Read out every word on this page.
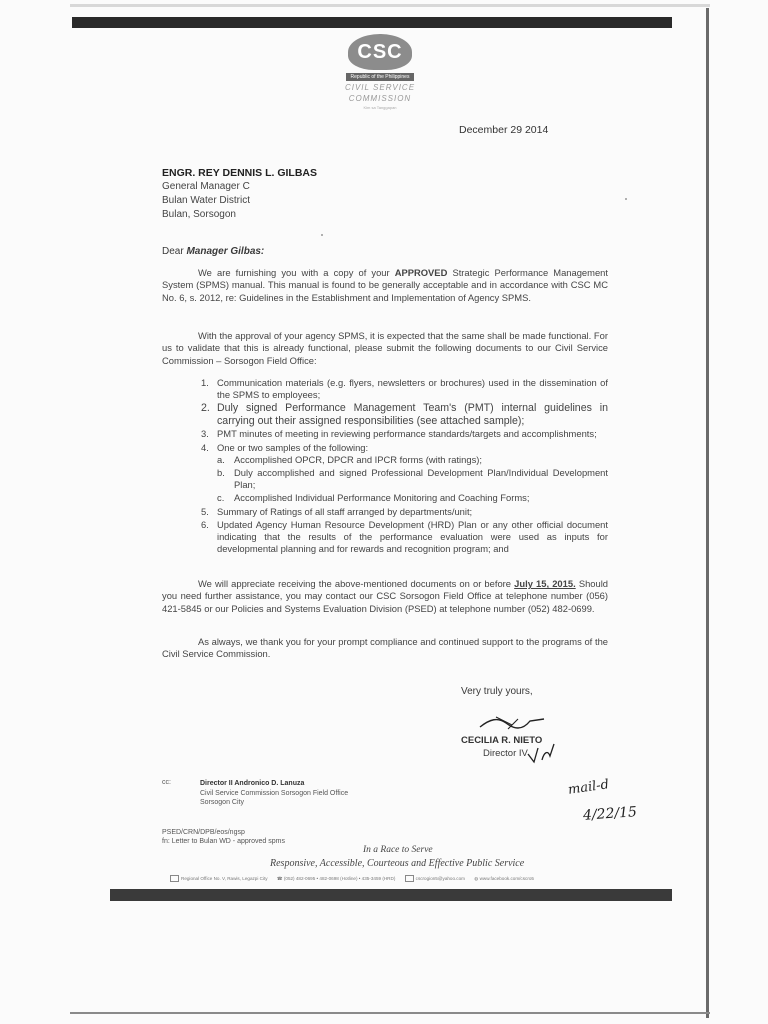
CSC
Republic of the Philippines
CIVIL SERVICE
COMMISSION
Kim sa Tanggapan
December 29 2014
ENGR. REY DENNIS L. GILBAS
General Manager C
Bulan Water District
Bulan, Sorsogon
Dear Manager Gilbas:

We are furnishing you with a copy of your APPROVED Strategic Performance Management System (SPMS) manual. This manual is found to be generally acceptable and in accordance with CSC MC No. 6, s. 2012, re: Guidelines in the Establishment and Implementation of Agency SPMS.

With the approval of your agency SPMS, it is expected that the same shall be made functional. For us to validate that this is already functional, please submit the following documents to our Civil Service Commission – Sorsogon Field Office:

1. Communication materials (e.g. flyers, newsletters or brochures) used in the dissemination of the SPMS to employees;
2. Duly signed Performance Management Team's (PMT) internal guidelines in carrying out their assigned responsibilities (see attached sample);
3. PMT minutes of meeting in reviewing performance standards/targets and accomplishments;
4. One or two samples of the following:
a. Accomplished OPCR, DPCR and IPCR forms (with ratings);
b. Duly accomplished and signed Professional Development Plan/Individual Development Plan;
c. Accomplished Individual Performance Monitoring and Coaching Forms;
5. Summary of Ratings of all staff arranged by departments/unit;
6. Updated Agency Human Resource Development (HRD) Plan or any other official document indicating that the results of the performance evaluation were used as inputs for developmental planning and for rewards and recognition program; and

We will appreciate receiving the above-mentioned documents on or before July 15, 2015. Should you need further assistance, you may contact our CSC Sorsogon Field Office at telephone number (056) 421-5845 or our Policies and Systems Evaluation Division (PSED) at telephone number (052) 482-0699.

As always, we thank you for your prompt compliance and continued support to the programs of the Civil Service Commission.

Very truly yours,
CECILIA R. NIETO
Director IV
cc:	Director II Andronico D. Lanuza
Civil Service Commission Sorsogon Field Office
Sorsogon City
mail-d
4/22/15
PSED/CRN/DPB/eos/ngsp
fn: Letter to Bulan WD - approved spms
In a Race to Serve
Responsive, Accessible, Courteous and Effective Public Service
Regional Office No. V, Rawis, Legazpi City ☎ (052) 482-0695 • 482-0698 (Hotline) • 435-3459 (HRD)	cscrogion5@yahoo.com ◍ www.facebook.com/cscro5
